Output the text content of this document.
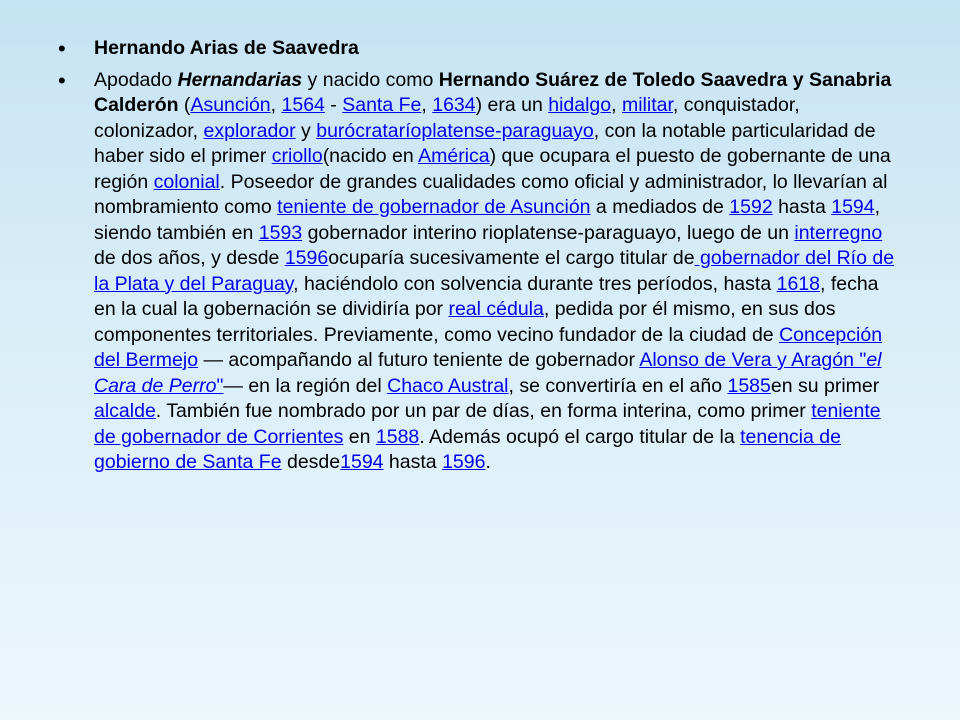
• Hernando Arias de Saavedra
• Apodado Hernandarias y nacido como Hernando Suárez de Toledo Saavedra y Sanabria Calderón (Asunción, 1564 - Santa Fe, 1634) era un hidalgo, militar, conquistador, colonizador, explorador y burócrataríoplatense-paraguayo, con la notable particularidad de haber sido el primer criollo(nacido en América) que ocupara el puesto de gobernante de una región colonial. Poseedor de grandes cualidades como oficial y administrador, lo llevarían al nombramiento como teniente de gobernador de Asunción a mediados de 1592 hasta 1594, siendo también en 1593 gobernador interino rioplatense-paraguayo, luego de un interregno de dos años, y desde 1596ocuparía sucesivamente el cargo titular de gobernador del Río de la Plata y del Paraguay, haciéndolo con solvencia durante tres períodos, hasta 1618, fecha en la cual la gobernación se dividiría por real cédula, pedida por él mismo, en sus dos componentes territoriales. Previamente, como vecino fundador de la ciudad de Concepción del Bermejo — acompañando al futuro teniente de gobernador Alonso de Vera y Aragón "el Cara de Perro"— en la región del Chaco Austral, se convertiría en el año 1585en su primer alcalde. También fue nombrado por un par de días, en forma interina, como primer teniente de gobernador de Corrientes en 1588. Además ocupó el cargo titular de la tenencia de gobierno de Santa Fe desde1594 hasta 1596.
